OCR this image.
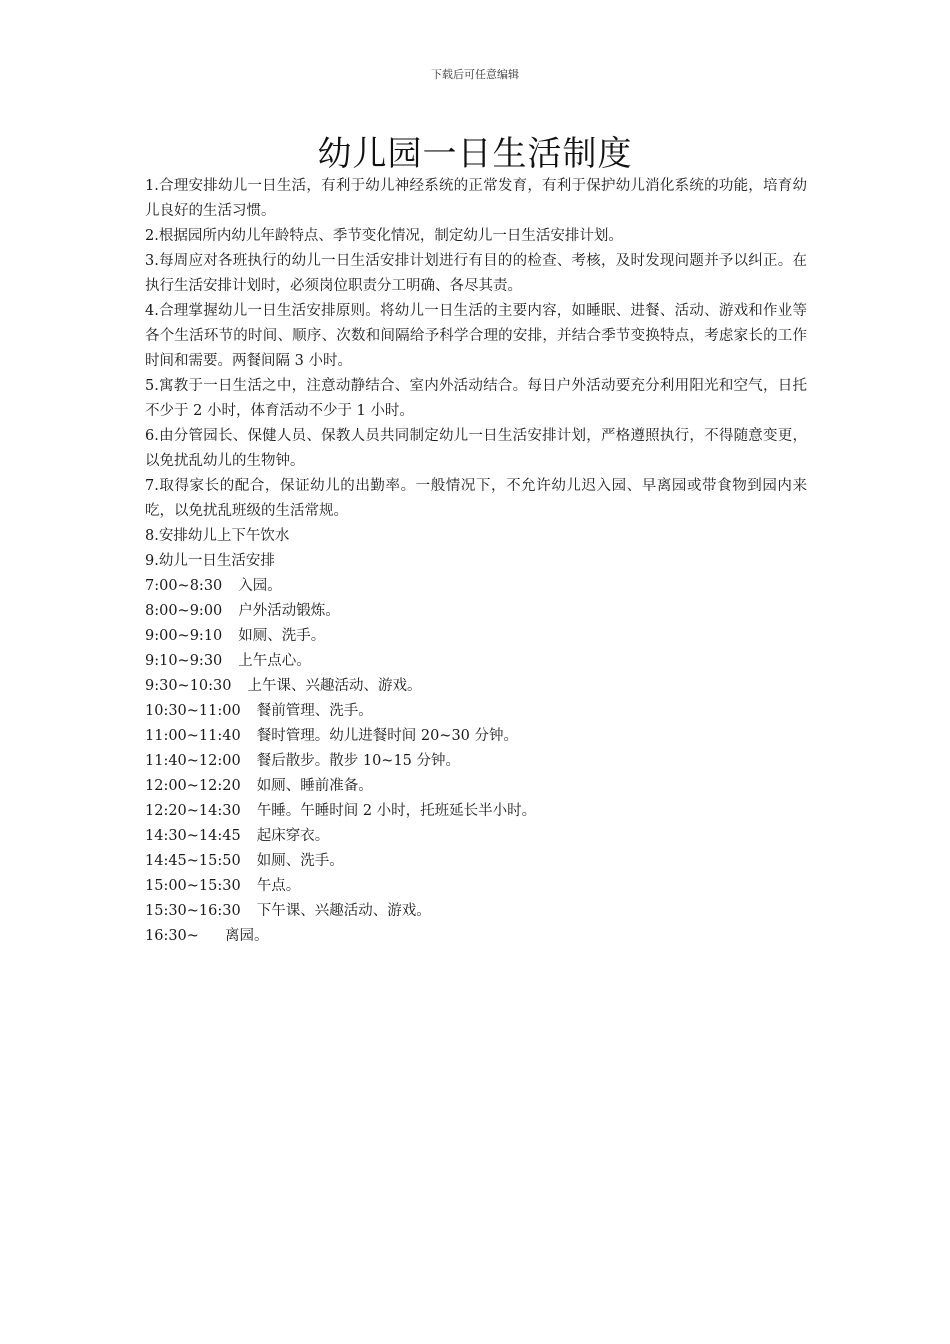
下载后可任意编辑
幼儿园一日生活制度

1.合理安排幼儿一日生活，有利于幼儿神经系统的正常发育，有利于保护幼儿消化系统的功能，培育幼儿良好的生活习惯。

2.根据园所内幼儿年龄特点、季节变化情况，制定幼儿一日生活安排计划。

3.每周应对各班执行的幼儿一日生活安排计划进行有目的的检查、考核，及时发现问题并予以纠正。在执行生活安排计划时，必须岗位职责分工明确、各尽其责。

4.合理掌握幼儿一日生活安排原则。将幼儿一日生活的主要内容，如睡眠、进餐、活动、游戏和作业等各个生活环节的时间、顺序、次数和间隔给予科学合理的安排，并结合季节变换特点，考虑家长的工作时间和需要。两餐间隔 3 小时。

5.寓教于一日生活之中，注意动静结合、室内外活动结合。每日户外活动要充分利用阳光和空气，日托不少于 2 小时，体育活动不少于 1 小时。

6.由分管园长、保健人员、保教人员共同制定幼儿一日生活安排计划，严格遵照执行，不得随意变更，以免扰乱幼儿的生物钟。

7.取得家长的配合，保证幼儿的出勤率。一般情况下，不允许幼儿迟入园、早离园或带食物到园内来吃，以免扰乱班级的生活常规。

8.安排幼儿上下午饮水

9.幼儿一日生活安排

7:00~8:30 入园。

8:00~9:00 户外活动锻炼。

9:00~9:10 如厕、洗手。

9:10~9:30 上午点心。

9:30~10:30 上午课、兴趣活动、游戏。

10:30~11:00 餐前管理、洗手。

11:00~11:40 餐时管理。幼儿进餐时间 20~30 分钟。

11:40~12:00 餐后散步。散步 10~15 分钟。

12:00~12:20 如厕、睡前准备。

12:20~14:30 午睡。午睡时间 2 小时，托班延长半小时。

14:30~14:45 起床穿衣。

14:45~15:50 如厕、洗手。

15:00~15:30 午点。

15:30~16:30 下午课、兴趣活动、游戏。

16:30~ 离园。
